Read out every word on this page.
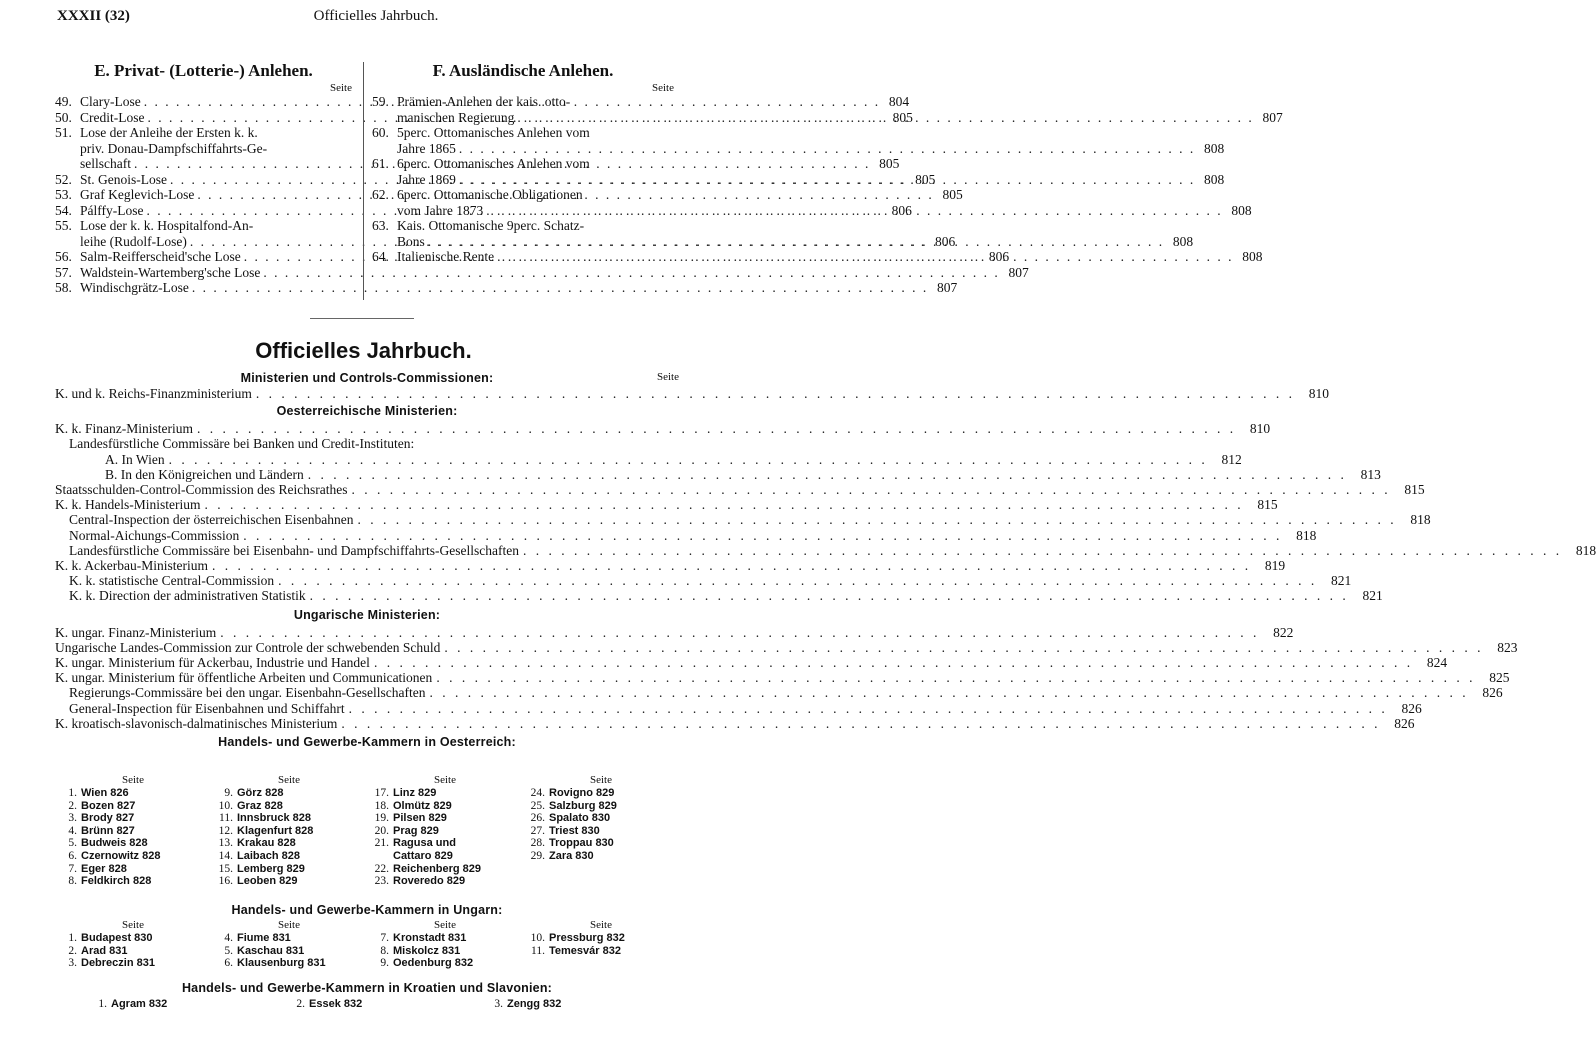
XXXII (32)	Officielles Jahrbuch.
E. Privat- (Lotterie-) Anlehen.
Seite
49. Clary-Lose . . .	804
50. Credit-Lose . . .	805
51. Lose der Anleihe der Ersten k. k.
priv. Donau-Dampfschiffahrts-Ge-
sellschaft . . .	805
52. St. Genois-Lose . . .	805
53. Graf Keglevich-Lose . . .	805
54. Pálffy-Lose . . .	806
55. Lose der k. k. Hospitalfond-An-
leihe (Rudolf-Lose) . . .	806
56. Salm-Reifferscheid'sche Lose . . .	806
57. Waldstein-Wartemberg'sche Lose . . .	807
58. Windischgrätz-Lose . . .	807
F. Ausländische Anlehen.
Seite
59. Prämien-Anlehen der kais. otto-
manischen Regierung . . .	807
60. 5perc. Ottomanisches Anlehen vom
Jahre 1865 . . .	808
61. 6perc. Ottomanisches Anlehen vom
Jahre 1869 . . .	808
62. 6perc. Ottomanische Obligationen
vom Jahre 1873 . . .	808
63. Kais. Ottomanische 9perc. Schatz-
Bons . . .	808
64. Italienische Rente . . .	808
Officielles Jahrbuch.
Ministerien und Controls-Commissionen:	Seite
K. und k. Reichs-Finanzministerium . . .	810
Oesterreichische Ministerien:
K. k. Finanz-Ministerium . . .	810
Landesfürstliche Commissäre bei Banken und Credit-Instituten:
A. In Wien . . .	812
B. In den Königreichen und Ländern . . .	813
Staatsschulden-Control-Commission des Reichsrathes . . .	815
K. k. Handels-Ministerium . . .	815
Central-Inspection der österreichischen Eisenbahnen . . .	818
Normal-Aichungs-Commission . . .	818
Landesfürstliche Commissäre bei Eisenbahn- und Dampfschiffahrts-Gesellschaften . . .	818
K. k. Ackerbau-Ministerium . . .	819
K. k. statistische Central-Commission . . .	821
K. k. Direction der administrativen Statistik . . .	821
Ungarische Ministerien:
K. ungar. Finanz-Ministerium . . .	822
Ungarische Landes-Commission zur Controle der schwebenden Schuld . . .	823
K. ungar. Ministerium für Ackerbau, Industrie und Handel . . .	824
K. ungar. Ministerium für öffentliche Arbeiten und Communicationen . . .	825
Regierungs-Commissäre bei den ungar. Eisenbahn-Gesellschaften . . .	826
General-Inspection für Eisenbahnen und Schiffahrt . . .	826
K. kroatisch-slavonisch-dalmatinisches Ministerium . . .	826
Handels- und Gewerbe-Kammern in Oesterreich:
Seite
1. Wien 826
2. Bozen 827
3. Brody 827
4. Brünn 827
5. Budweis 828
6. Czernowitz 828
7. Eger 828
8. Feldkirch 828
Seite
9. Görz 828
10. Graz 828
11. Innsbruck 828
12. Klagenfurt 828
13. Krakau 828
14. Laibach 828
15. Lemberg 829
16. Leoben 829
Seite
17. Linz 829
18. Olmütz 829
19. Pilsen 829
20. Prag 829
21. Ragusa und
Cattaro 829
22. Reichenberg 829
23. Roveredo 829
Seite
24. Rovigno 829
25. Salzburg 829
26. Spalato 830
27. Triest 830
28. Troppau 830
29. Zara 830
Handels- und Gewerbe-Kammern in Ungarn:
Seite
1. Budapest 830
2. Arad 831
3. Debreczin 831
Seite
4. Fiume 831
5. Kaschau 831
6. Klausenburg 831
Seite
7. Kronstadt 831
8. Miskolcz 831
9. Oedenburg 832
Seite
10. Pressburg 832
11. Temesvár 832
Handels- und Gewerbe-Kammern in Kroatien und Slavonien:
1. Agram 832	2. Essek 832	3. Zengg 832
